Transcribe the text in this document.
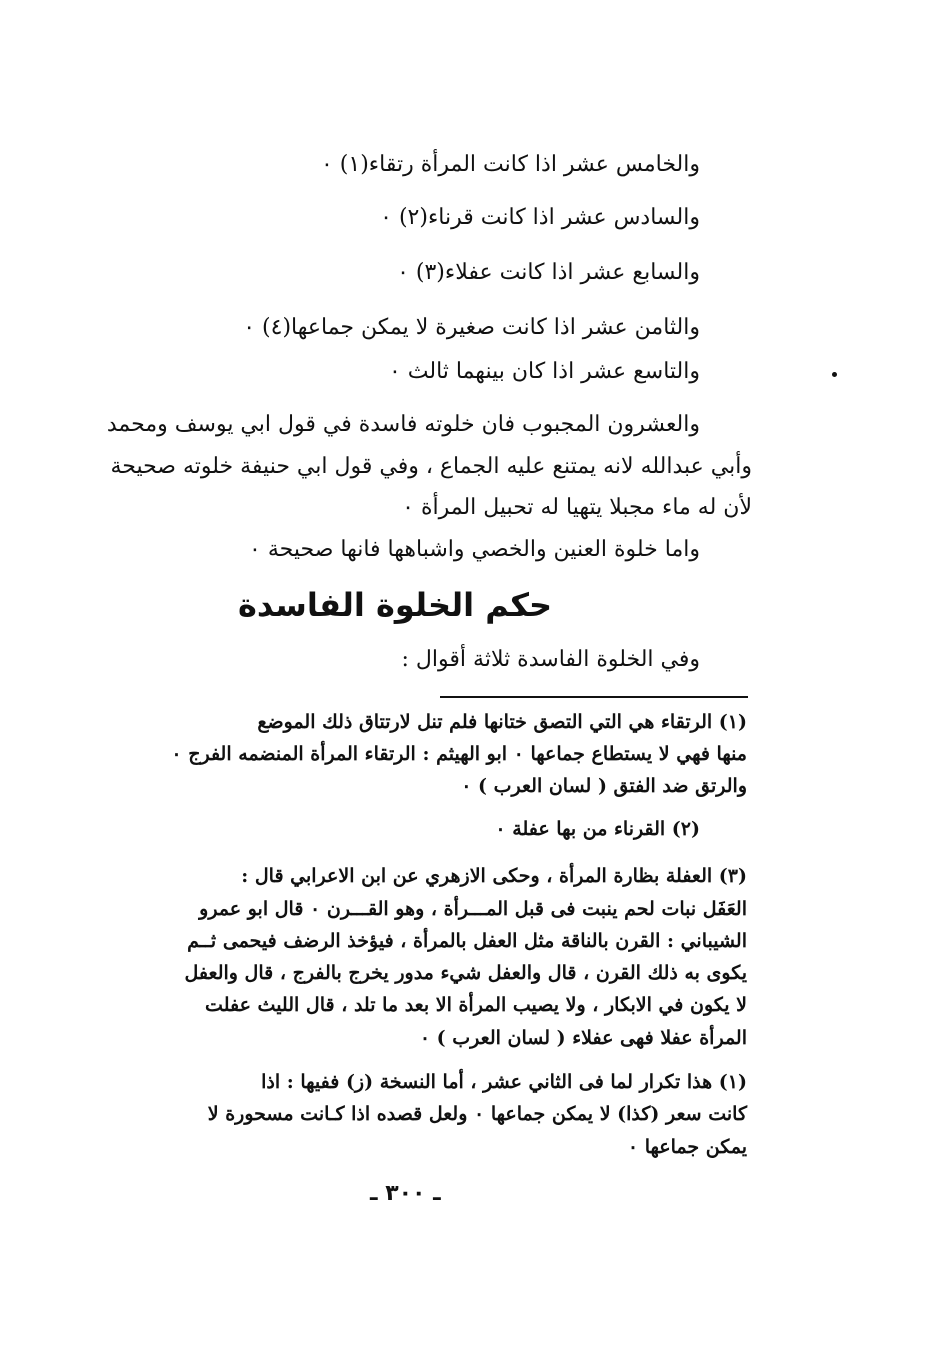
والخامس عشر اذا كانت المرأة رتقاء(١) ٠
والسادس عشر اذا كانت قرناء(٢) ٠
والسابع عشر اذا كانت عفلاء(٣) ٠
والثامن عشر اذا كانت صغيرة لا يمكن جماعها(٤) ٠
والتاسع عشر اذا كان بينهما ثالث ٠
والعشرون المجبوب فان خلوته فاسدة في قول ابي يوسف ومحمد
وأبي عبدالله لانه يمتنع عليه الجماع ، وفي قول ابي حنيفة خلوته صحيحة
لأن له ماء مجبلا يتهيا له تحبيل المرأة ٠
واما خلوة العنين والخصي واشباهها فانها صحيحة ٠
حكم الخلوة الفاسدة
وفي الخلوة الفاسدة ثلاثة أقوال :
(١) الرتقاء هي التي التصق ختانها فلم تنل لارتتاق ذلك الموضع
منها فهي لا يستطاع جماعها ٠ ابو الهيثم : الرتقاء المرأة المنضمه الفرج ٠
والرتق ضد الفتق ( لسان العرب ) ٠
(٢) القرناء من بها عفلة ٠
(٣) العفلة بظارة المرأة ، وحكى الازهري عن ابن الاعرابي قال :
العَفَل نبات لحم ينبت فى قبل المـــرأة ، وهو القـــرن ٠ قال ابو عمرو
الشيباني : القرن بالناقة مثل العفل بالمرأة ، فيؤخذ الرضف فيحمى ثــم
يكوى به ذلك القرن ، قال والعفل شيء مدور يخرج بالفرج ، قال والعفل
لا يكون في الابكار ، ولا يصيب المرأة الا بعد ما تلد ، قال الليث عفلت
المرأة عفلا فهى عفلاء ( لسان العرب ) ٠
(١) هذا تكرار لما فى الثاني عشر ، أما النسخة (ز) ففيها : اذا
كانت سعر (كذا) لا يمكن جماعها ٠ ولعل قصده اذا كـانت مسحورة لا
يمكن جماعها ٠
ـ ٣٠٠ ـ
